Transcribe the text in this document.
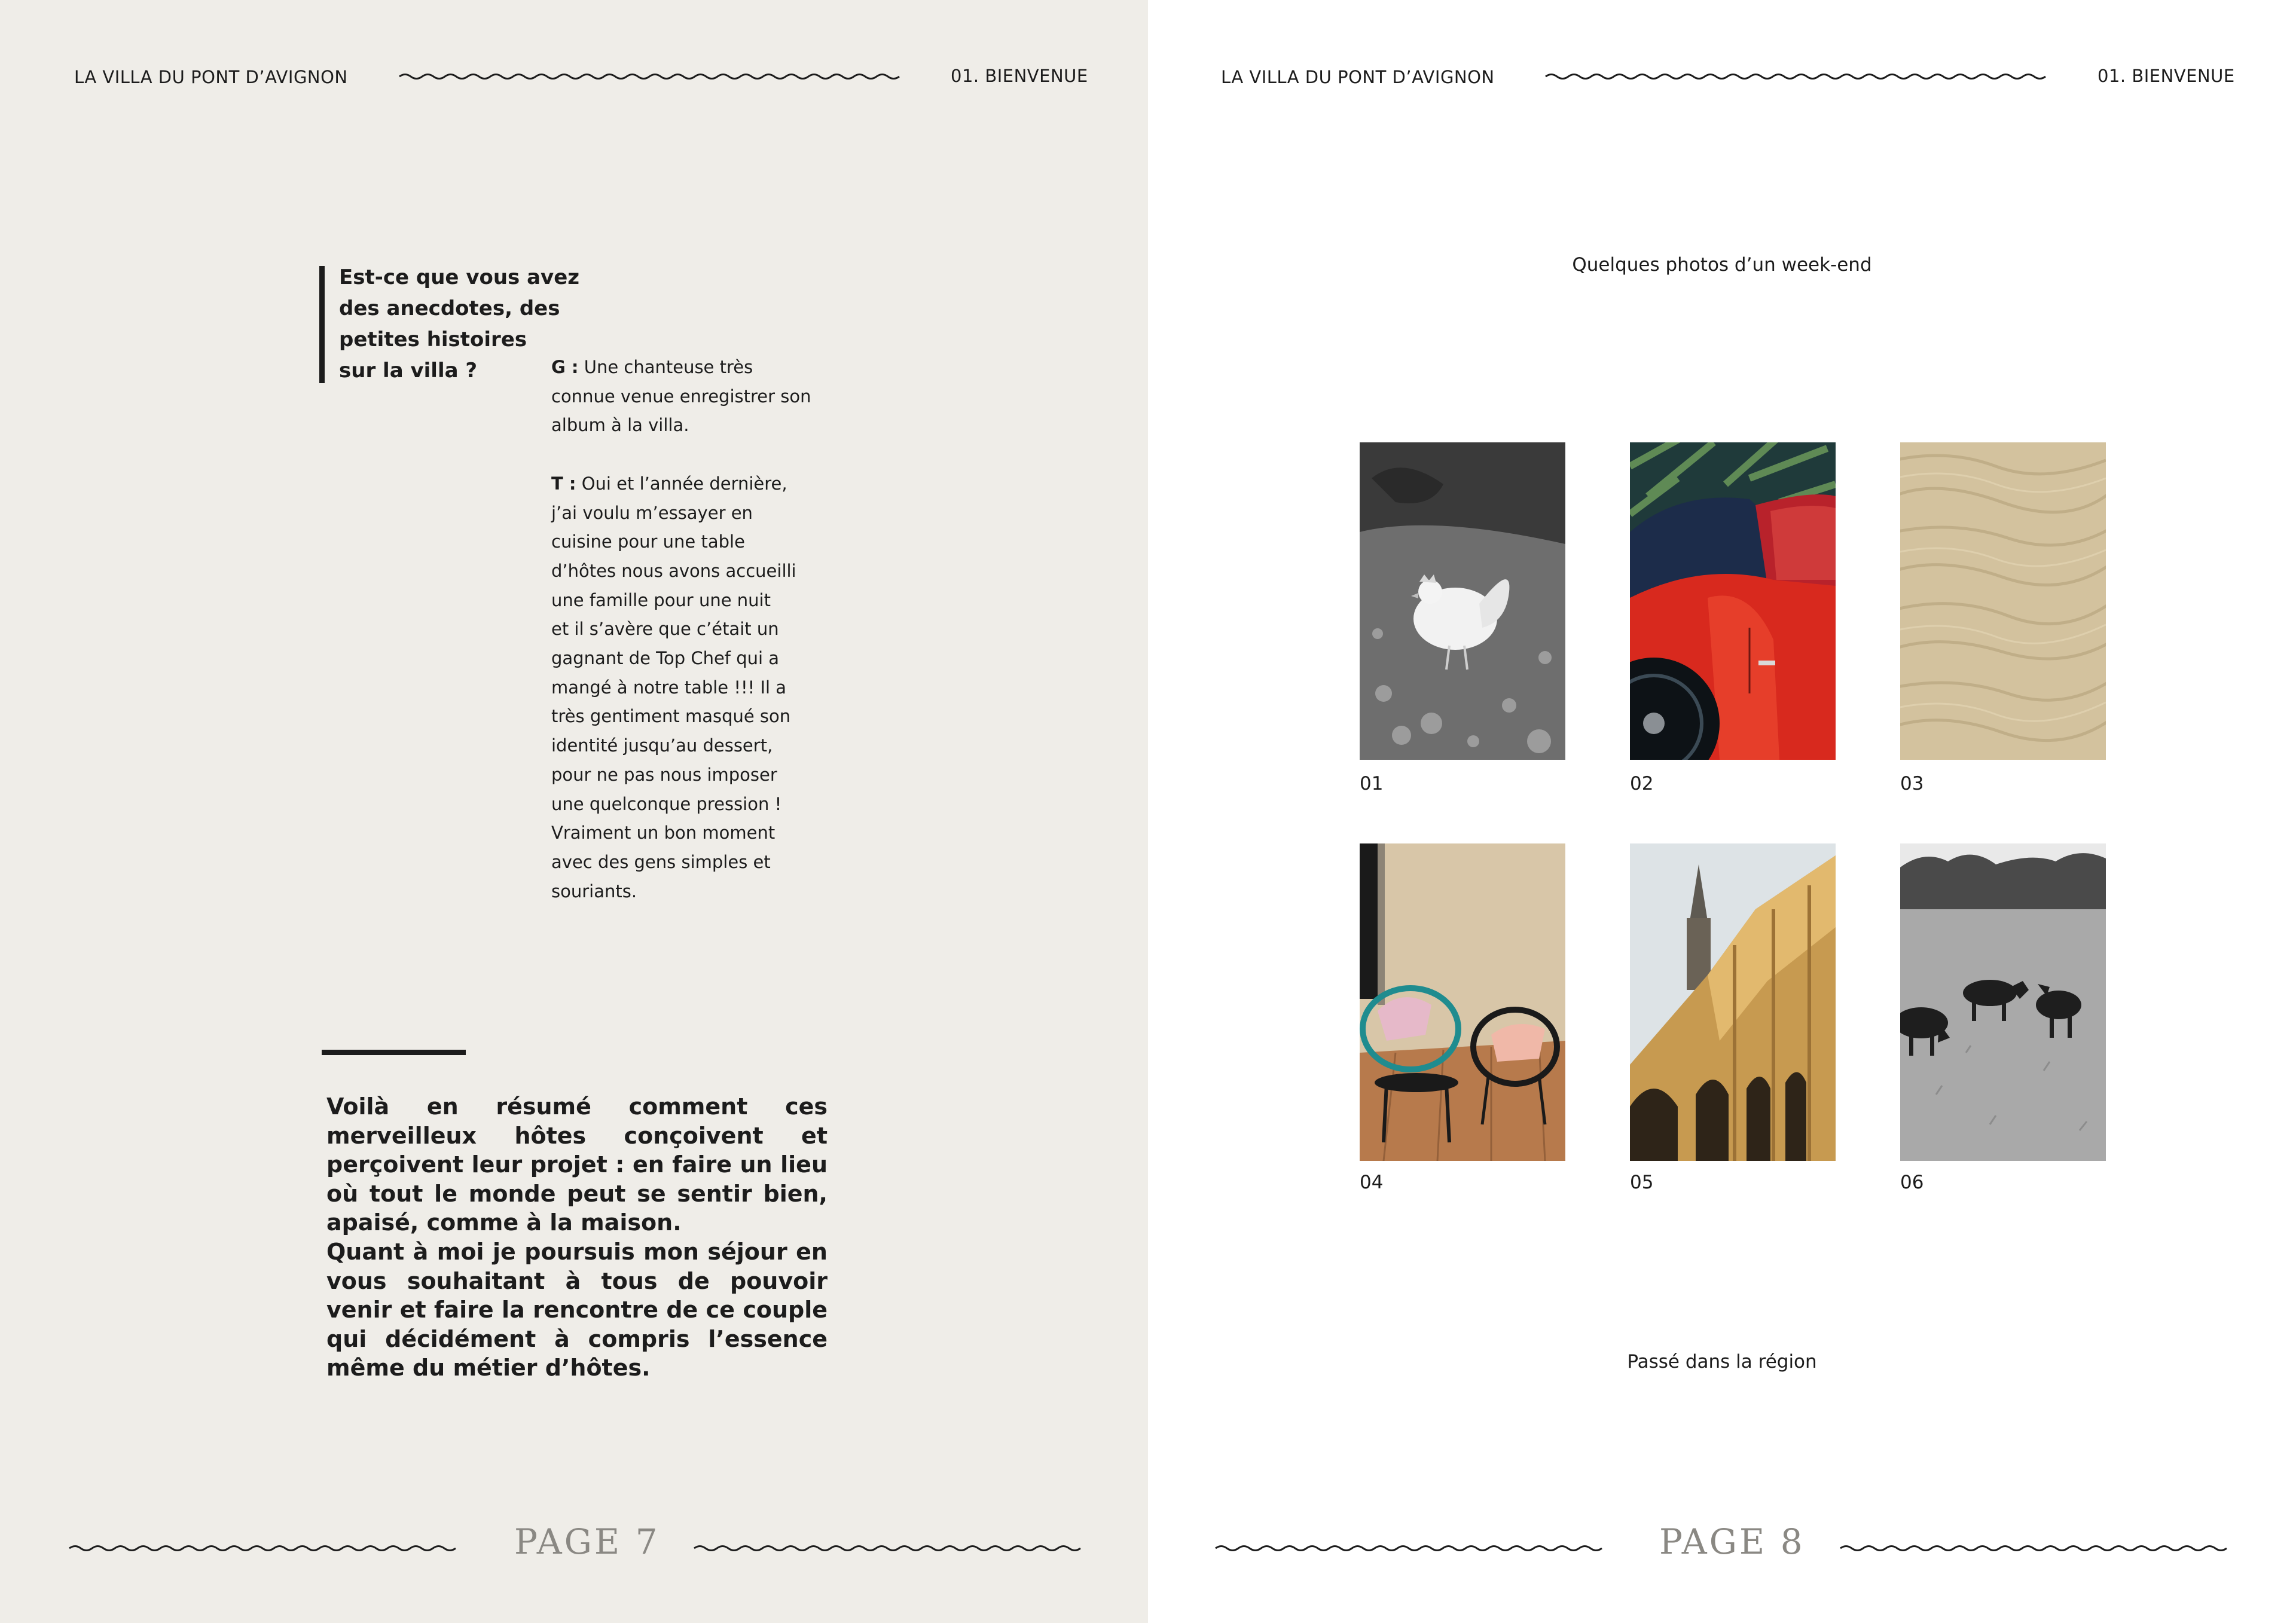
LA VILLA DU PONT D’AVIGNON	01. BIENVENUE
Est-ce que vous avez
des anecdotes, des
petites histoires
sur la villa ?	G : Une chanteuse très

connue venue enregistrer son

album à la villa.

T : Oui et l’année dernière,

j’ai voulu m’essayer en

cuisine pour une table

d’hôtes nous avons accueilli

une famille pour une nuit

et il s’avère que c’était un

gagnant de Top Chef qui a

mangé à notre table !!! Il a

très gentiment masqué son

identité jusqu’au dessert,

pour ne pas nous imposer

une quelconque pression !

Vraiment un bon moment

avec des gens simples et

souriants.

Voilà en résumé comment ces merveilleux hôtes conçoivent et perçoivent leur projet : en faire un lieu où tout le monde peut se sentir bien, apaisé, comme à la maison.

Quant à moi je poursuis mon séjour en vous souhaitant à tous de pouvoir venir et faire la rencontre de ce couple qui décidément à compris l’essence même du métier d’hôtes.

PAGE 7
LA VILLA DU PONT D’AVIGNON	01. BIENVENUE
Quelques photos d’un week-end
01	02	03
04	05	06
Passé dans la région
PAGE 8
